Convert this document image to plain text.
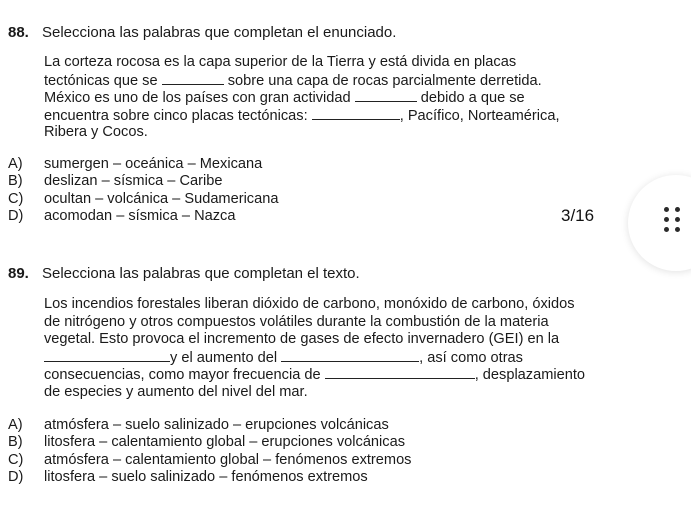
88. Selecciona las palabras que completan el enunciado.
La corteza rocosa es la capa superior de la Tierra y está divida en placas
tectónicas que se	sobre una capa de rocas parcialmente derretida.
México es uno de los países con gran actividad	debido a que se
encuentra sobre cinco placas tectónicas:	, Pacífico, Norteamérica,
Ribera y Cocos.
A) sumergen – oceánica – Mexicana
B) deslizan – sísmica – Caribe
C) ocultan – volcánica – Sudamericana
D) acomodan – sísmica – Nazca	3/16
89. Selecciona las palabras que completan el texto.
Los incendios forestales liberan dióxido de carbono, monóxido de carbono, óxidos
de nitrógeno y otros compuestos volátiles durante la combustión de la materia
vegetal. Esto provoca el incremento de gases de efecto invernadero (GEI) en la
y el aumento del	, así como otras
consecuencias, como mayor frecuencia de	, desplazamiento
de especies y aumento del nivel del mar.
A) atmósfera – suelo salinizado – erupciones volcánicas
B) litosfera – calentamiento global – erupciones volcánicas
C) atmósfera – calentamiento global – fenómenos extremos
D) litosfera – suelo salinizado – fenómenos extremos
